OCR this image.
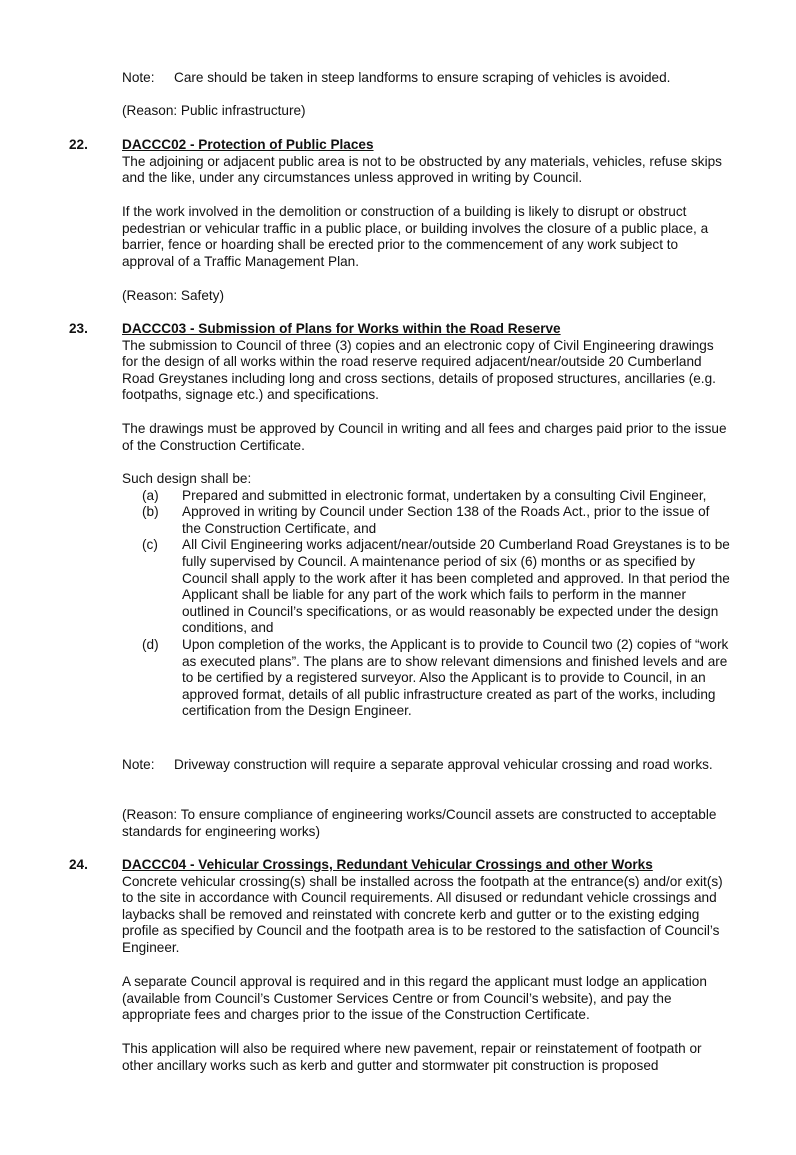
Note:	Care should be taken in steep landforms to ensure scraping of vehicles is avoided.
(Reason: Public infrastructure)
22.	DACCC02 - Protection of Public Places

The adjoining or adjacent public area is not to be obstructed by any materials, vehicles, refuse skips and the like, under any circumstances unless approved in writing by Council.

If the work involved in the demolition or construction of a building is likely to disrupt or obstruct pedestrian or vehicular traffic in a public place, or building involves the closure of a public place, a barrier, fence or hoarding shall be erected prior to the commencement of any work subject to approval of a Traffic Management Plan.
(Reason: Safety)
23.	DACCC03 - Submission of Plans for Works within the Road Reserve

The submission to Council of three (3) copies and an electronic copy of Civil Engineering drawings for the design of all works within the road reserve required adjacent/near/outside 20 Cumberland Road Greystanes including long and cross sections, details of proposed structures, ancillaries (e.g. footpaths, signage etc.) and specifications.

The drawings must be approved by Council in writing and all fees and charges paid prior to the issue of the Construction Certificate.
Such design shall be:
(a)	Prepared and submitted in electronic format, undertaken by a consulting Civil Engineer,
(b)	Approved in writing by Council under Section 138 of the Roads Act., prior to the issue of the Construction Certificate, and
(c)	All Civil Engineering works adjacent/near/outside 20 Cumberland Road Greystanes is to be fully supervised by Council. A maintenance period of six (6) months or as specified by Council shall apply to the work after it has been completed and approved. In that period the Applicant shall be liable for any part of the work which fails to perform in the manner outlined in Council’s specifications, or as would reasonably be expected under the design conditions, and
(d)	Upon completion of the works, the Applicant is to provide to Council two (2) copies of “work as executed plans”. The plans are to show relevant dimensions and finished levels and are to be certified by a registered surveyor. Also the Applicant is to provide to Council, in an approved format, details of all public infrastructure created as part of the works, including certification from the Design Engineer.
Note:	Driveway construction will require a separate approval vehicular crossing and road works.
(Reason: To ensure compliance of engineering works/Council assets are constructed to acceptable standards for engineering works)
24.	DACCC04 - Vehicular Crossings, Redundant Vehicular Crossings and other Works

Concrete vehicular crossing(s) shall be installed across the footpath at the entrance(s) and/or exit(s) to the site in accordance with Council requirements. All disused or redundant vehicle crossings and laybacks shall be removed and reinstated with concrete kerb and gutter or to the existing edging profile as specified by Council and the footpath area is to be restored to the satisfaction of Council’s Engineer.

A separate Council approval is required and in this regard the applicant must lodge an application (available from Council’s Customer Services Centre or from Council’s website), and pay the appropriate fees and charges prior to the issue of the Construction Certificate.
This application will also be required where new pavement, repair or reinstatement of footpath or other ancillary works such as kerb and gutter and stormwater pit construction is proposed
